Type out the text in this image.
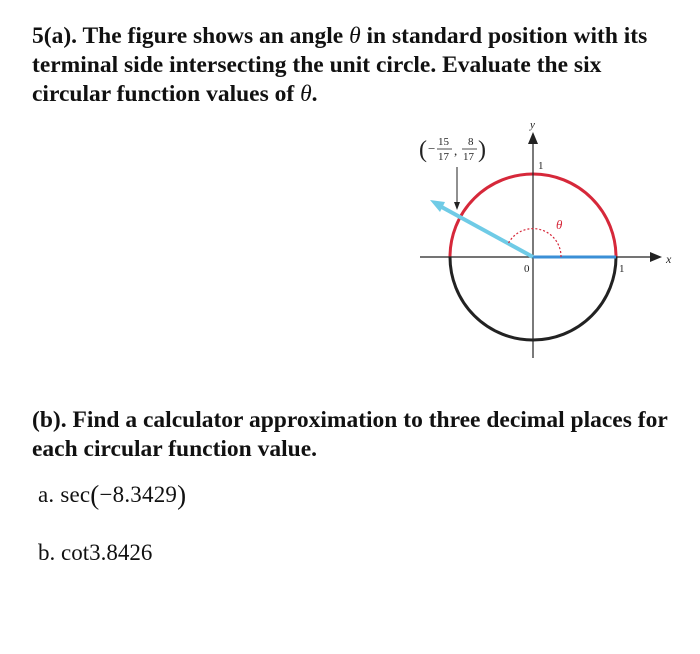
5(a). The figure shows an angle θ in standard position with its terminal side intersecting the unit circle. Evaluate the six circular function values of θ.
( − 15
17 ,
8
17 )
y
x
1
1
0
θ
(b). Find a calculator approximation to three decimal places for each circular function value.
a. sec(−8.3429)
b. cot3.8426
